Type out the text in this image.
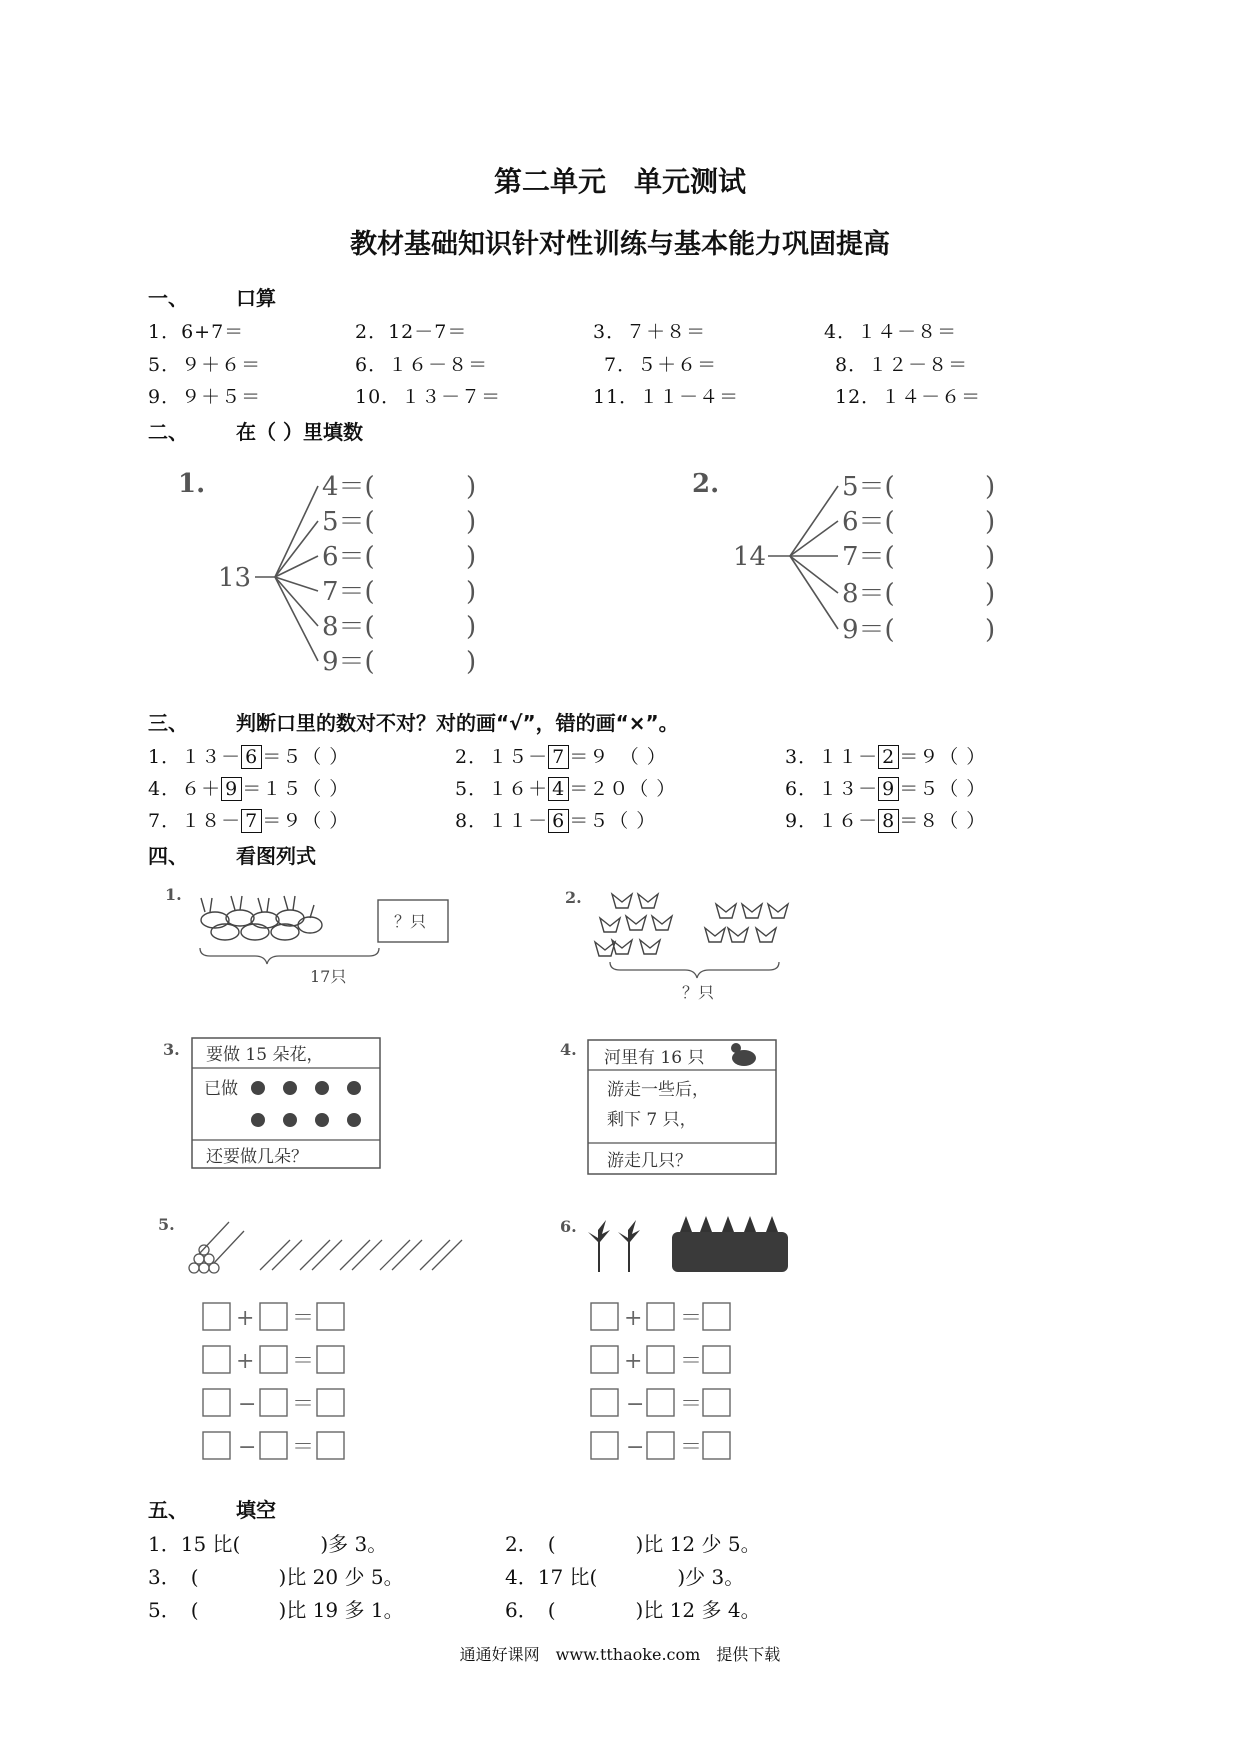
第二单元　单元测试
教材基础知识针对性训练与基本能力巩固提高
一、 口算
1．6+7＝	2．12－7＝	3．７＋８＝	4．１４－８＝
5．９＋６＝	6．１６－８＝	7．５＋６＝	8．１２－８＝
9．９＋５＝	10．１３－７＝	11．１１－４＝	12．１４－６＝
二、 在（ ）里填数
1.
13
4＝(
5＝(
6＝(
7＝(
8＝(
9＝(
)
)
)
)
)
)
2.
14
5＝(
6＝(
7＝(
8＝(
9＝(
)
)
)
)
)
三、 判断口里的数对不对？对的画“√”，错的画“×”。
1．１３－ 6 ＝５（ ）	2．１５－ 7 ＝９　（ ）	3．１１－ 2 ＝９（ ）
4．６＋ 9 ＝１５（ ）	5．１６＋ 4 ＝２０（ ）	6．１３－ 9 ＝５（ ）
7．１８－ 7 ＝９（ ）	8．１１－ 6 ＝５（ ）	9．１６－ 8 ＝８（ ）
四、 看图列式
1.
？只
17只
2.
？只
3. 要做 15 朵花，
已做
还要做几朵？
4. 河里有 16 只
游走一些后，
剩下 7 只，
游走几只？
5.
+ ＝
+ ＝
− ＝
− ＝
6.
+ ＝
+ ＝
− ＝
− ＝
五、 填空
1．15 比(　　　　)多 3。	2．　(　　　　)比 12 少 5。
3．　(　　　　)比 20 少 5。	4．17 比(　　　　)少 3。
5．　(　　　　)比 19 多 1。	6．　(　　　　)比 12 多 4。
通通好课网　www.tthaoke.com　提供下载
